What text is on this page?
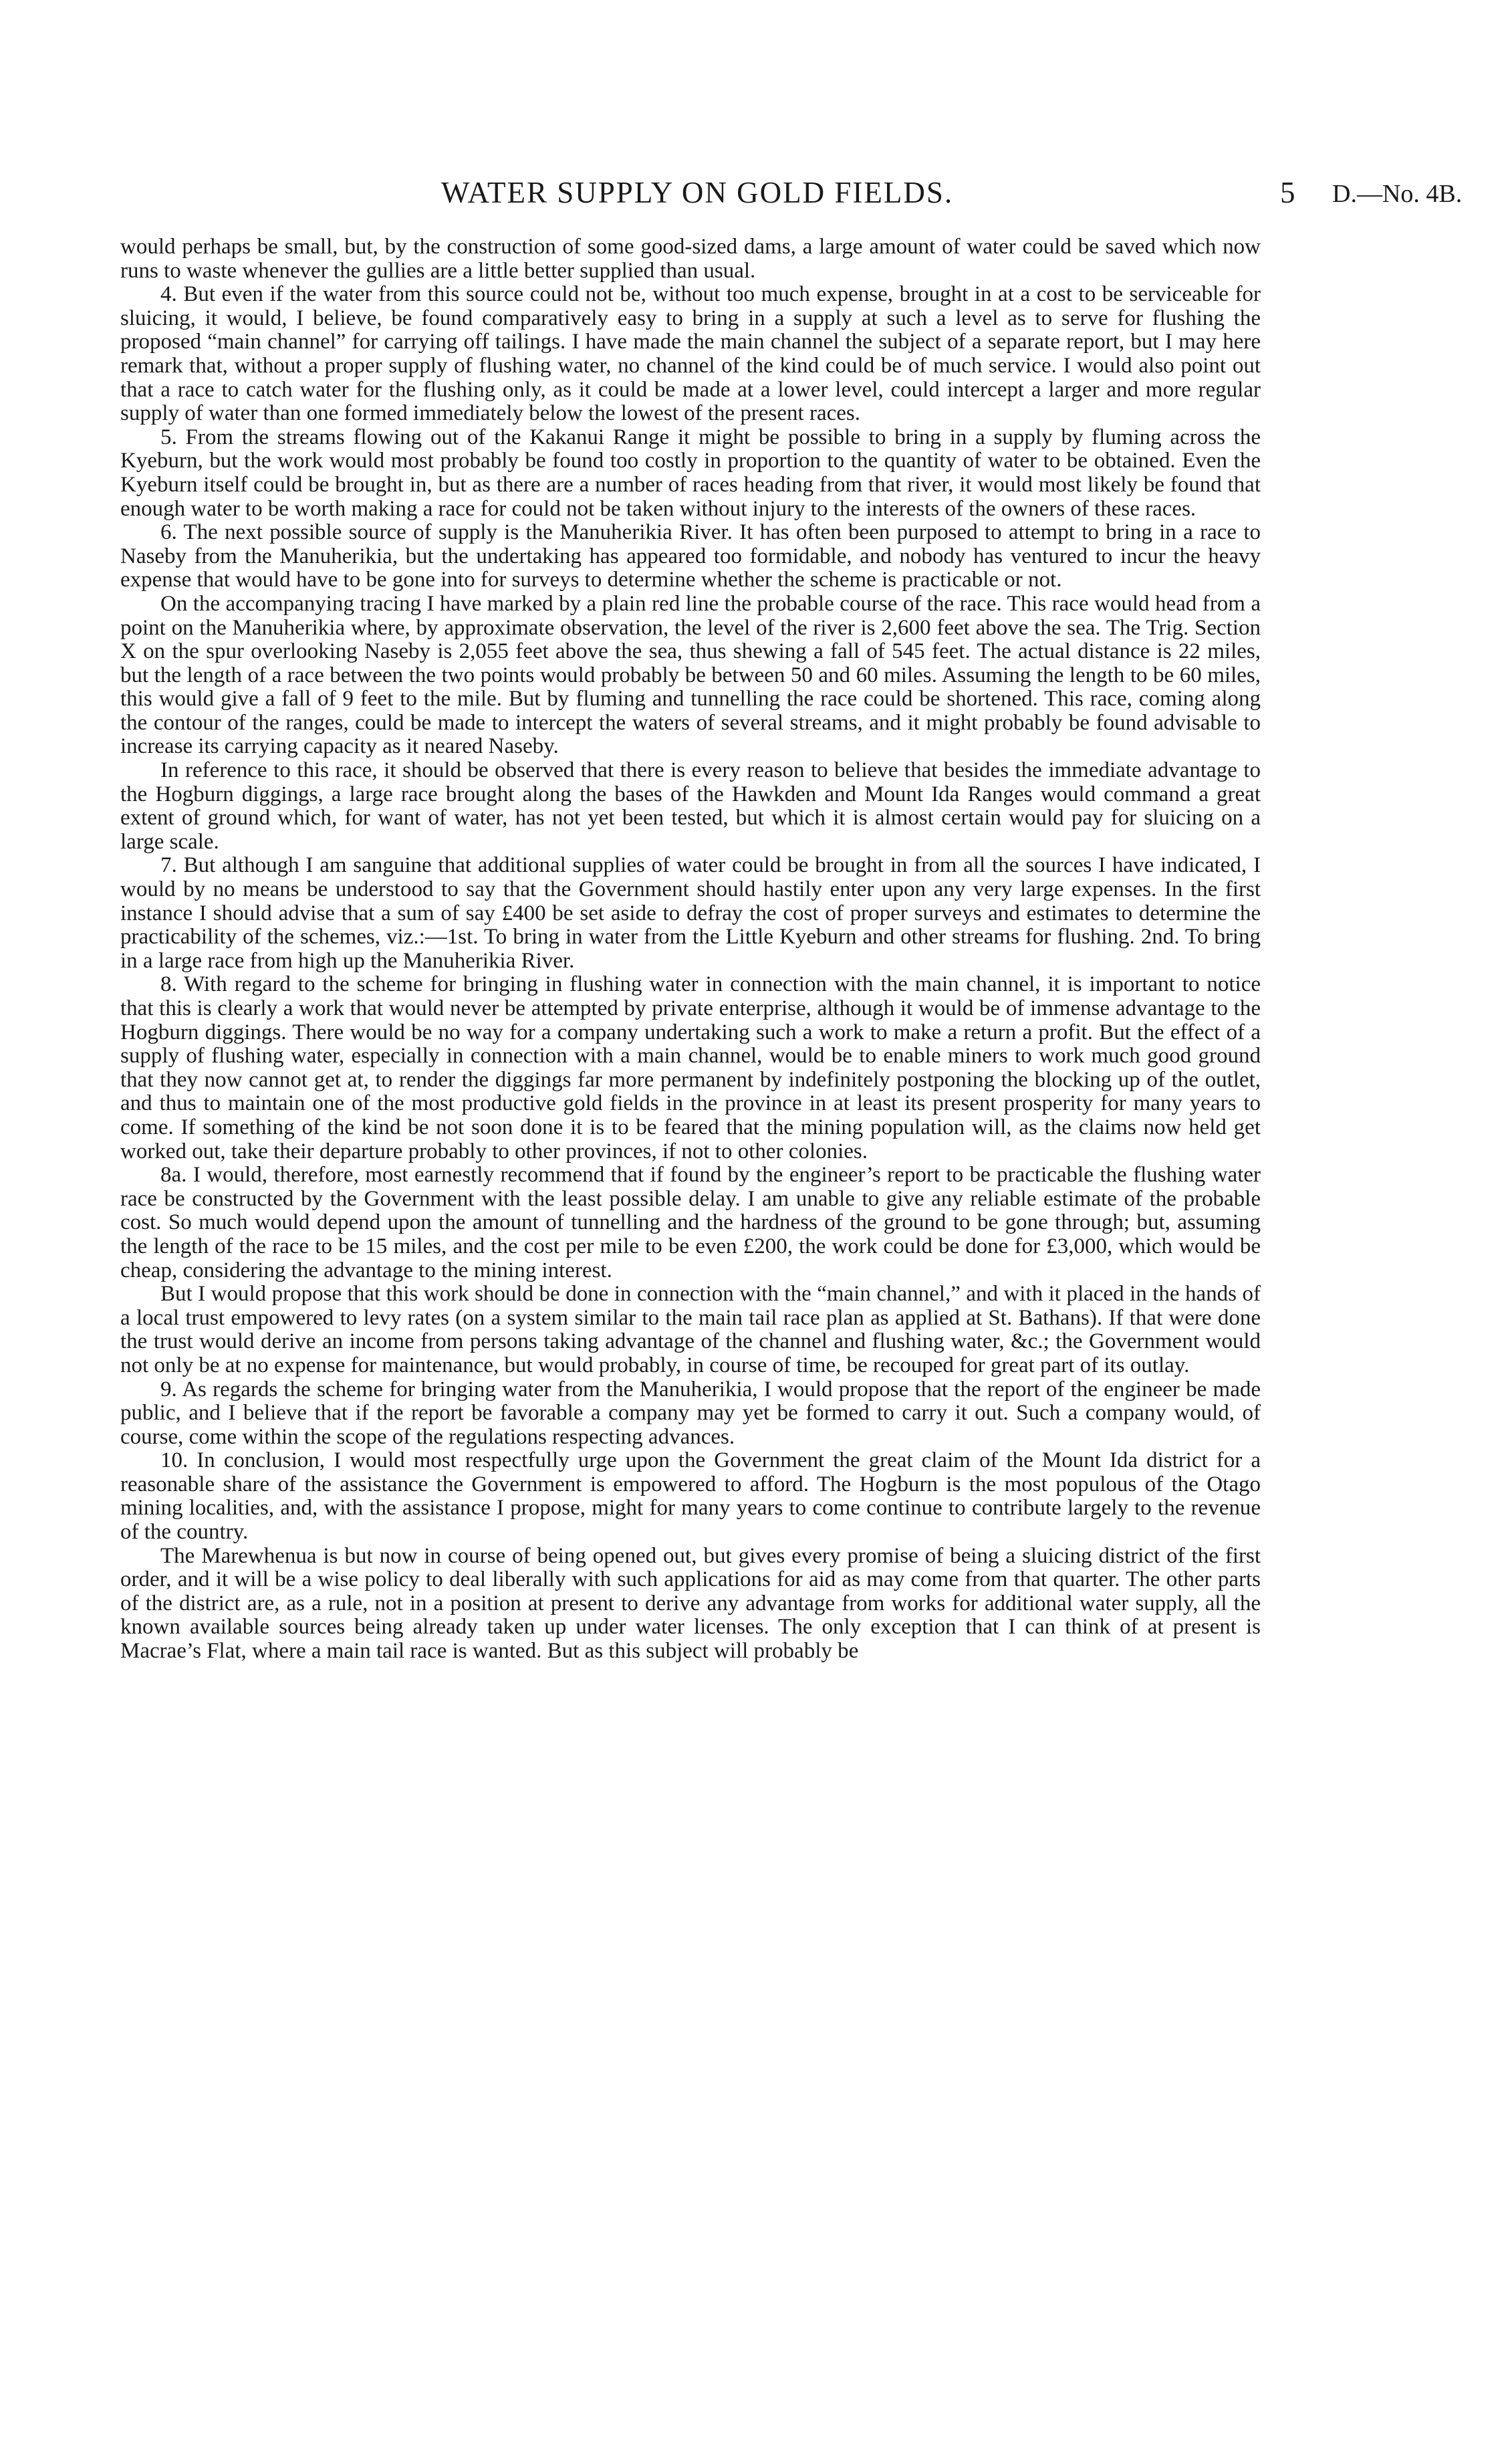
WATER SUPPLY ON GOLD FIELDS.	5 D.—No. 4B.

would perhaps be small, but, by the construction of some good-sized dams, a large amount of water could be saved which now runs to waste whenever the gullies are a little better supplied than usual.

4. But even if the water from this source could not be, without too much expense, brought in at a cost to be serviceable for sluicing, it would, I believe, be found comparatively easy to bring in a supply at such a level as to serve for flushing the proposed “main channel” for carrying off tailings. I have made the main channel the subject of a separate report, but I may here remark that, without a proper supply of flushing water, no channel of the kind could be of much service. I would also point out that a race to catch water for the flushing only, as it could be made at a lower level, could intercept a larger and more regular supply of water than one formed immediately below the lowest of the present races.

5. From the streams flowing out of the Kakanui Range it might be possible to bring in a supply by fluming across the Kyeburn, but the work would most probably be found too costly in proportion to the quantity of water to be obtained. Even the Kyeburn itself could be brought in, but as there are a number of races heading from that river, it would most likely be found that enough water to be worth making a race for could not be taken without injury to the interests of the owners of these races.

6. The next possible source of supply is the Manuherikia River. It has often been purposed to attempt to bring in a race to Naseby from the Manuherikia, but the undertaking has appeared too formidable, and nobody has ventured to incur the heavy expense that would have to be gone into for surveys to determine whether the scheme is practicable or not.

On the accompanying tracing I have marked by a plain red line the probable course of the race. This race would head from a point on the Manuherikia where, by approximate observation, the level of the river is 2,600 feet above the sea. The Trig. Section X on the spur overlooking Naseby is 2,055 feet above the sea, thus shewing a fall of 545 feet. The actual distance is 22 miles, but the length of a race between the two points would probably be between 50 and 60 miles. Assuming the length to be 60 miles, this would give a fall of 9 feet to the mile. But by fluming and tunnelling the race could be shortened. This race, coming along the contour of the ranges, could be made to intercept the waters of several streams, and it might probably be found advisable to increase its carrying capacity as it neared Naseby.

In reference to this race, it should be observed that there is every reason to believe that besides the immediate advantage to the Hogburn diggings, a large race brought along the bases of the Hawkden and Mount Ida Ranges would command a great extent of ground which, for want of water, has not yet been tested, but which it is almost certain would pay for sluicing on a large scale.

7. But although I am sanguine that additional supplies of water could be brought in from all the sources I have indicated, I would by no means be understood to say that the Government should hastily enter upon any very large expenses. In the first instance I should advise that a sum of say £400 be set aside to defray the cost of proper surveys and estimates to determine the practicability of the schemes, viz.:—1st. To bring in water from the Little Kyeburn and other streams for flushing. 2nd. To bring in a large race from high up the Manuherikia River.

8. With regard to the scheme for bringing in flushing water in connection with the main channel, it is important to notice that this is clearly a work that would never be attempted by private enterprise, although it would be of immense advantage to the Hogburn diggings. There would be no way for a company undertaking such a work to make a return a profit. But the effect of a supply of flushing water, especially in connection with a main channel, would be to enable miners to work much good ground that they now cannot get at, to render the diggings far more permanent by indefinitely postponing the blocking up of the outlet, and thus to maintain one of the most productive gold fields in the province in at least its present prosperity for many years to come. If something of the kind be not soon done it is to be feared that the mining population will, as the claims now held get worked out, take their departure probably to other provinces, if not to other colonies.

8a. I would, therefore, most earnestly recommend that if found by the engineer’s report to be practicable the flushing water race be constructed by the Government with the least possible delay. I am unable to give any reliable estimate of the probable cost. So much would depend upon the amount of tunnelling and the hardness of the ground to be gone through; but, assuming the length of the race to be 15 miles, and the cost per mile to be even £200, the work could be done for £3,000, which would be cheap, considering the advantage to the mining interest.

But I would propose that this work should be done in connection with the “main channel,” and with it placed in the hands of a local trust empowered to levy rates (on a system similar to the main tail race plan as applied at St. Bathans). If that were done the trust would derive an income from persons taking advantage of the channel and flushing water, &c.; the Government would not only be at no expense for maintenance, but would probably, in course of time, be recouped for great part of its outlay.

9. As regards the scheme for bringing water from the Manuherikia, I would propose that the report of the engineer be made public, and I believe that if the report be favorable a company may yet be formed to carry it out. Such a company would, of course, come within the scope of the regulations respecting advances.

10. In conclusion, I would most respectfully urge upon the Government the great claim of the Mount Ida district for a reasonable share of the assistance the Government is empowered to afford. The Hogburn is the most populous of the Otago mining localities, and, with the assistance I propose, might for many years to come continue to contribute largely to the revenue of the country.

The Marewhenua is but now in course of being opened out, but gives every promise of being a sluicing district of the first order, and it will be a wise policy to deal liberally with such applications for aid as may come from that quarter. The other parts of the district are, as a rule, not in a position at present to derive any advantage from works for additional water supply, all the known available sources being already taken up under water licenses. The only exception that I can think of at present is Macrae’s Flat, where a main tail race is wanted. But as this subject will probably be
